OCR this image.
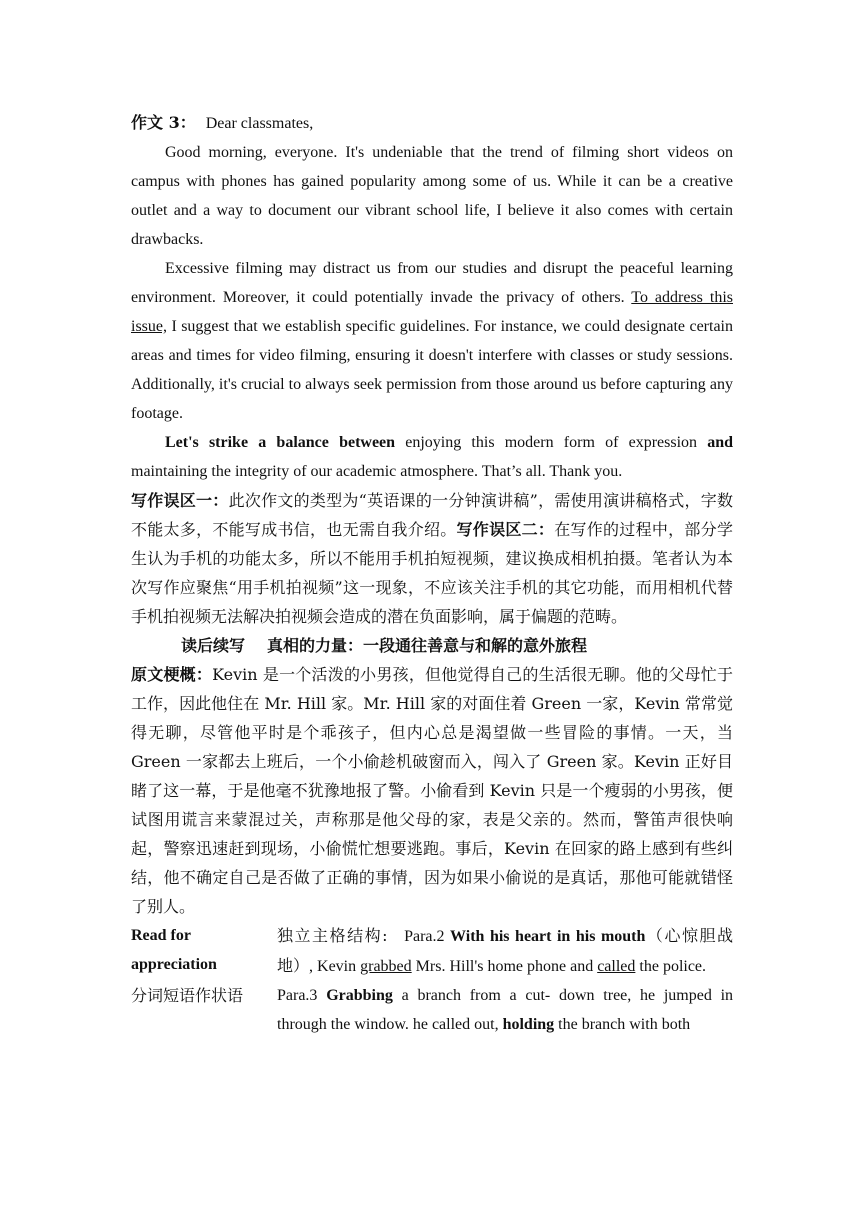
作文 3： Dear classmates,

Good morning, everyone. It's undeniable that the trend of filming short videos on campus with phones has gained popularity among some of us. While it can be a creative outlet and a way to document our vibrant school life, I believe it also comes with certain drawbacks.

Excessive filming may distract us from our studies and disrupt the peaceful learning environment. Moreover, it could potentially invade the privacy of others. To address this issue, I suggest that we establish specific guidelines. For instance, we could designate certain areas and times for video filming, ensuring it doesn't interfere with classes or study sessions. Additionally, it's crucial to always seek permission from those around us before capturing any footage.

Let's strike a balance between enjoying this modern form of expression and maintaining the integrity of our academic atmosphere. That’s all. Thank you.

写作误区一：此次作文的类型为“英语课的一分钟演讲稿”，需使用演讲稿格式，字数不能太多，不能写成书信，也无需自我介绍。写作误区二：在写作的过程中，部分学生认为手机的功能太多，所以不能用手机拍短视频，建议换成相机拍摄。笔者认为本次写作应聚焦“用手机拍视频”这一现象，不应该关注手机的其它功能，而用相机代替手机拍视频无法解决拍视频会造成的潜在负面影响，属于偏题的范畴。

读后续写 真相的力量：一段通往善意与和解的意外旅程

原文梗概：Kevin 是一个活泼的小男孩，但他觉得自己的生活很无聊。他的父母忙于工作，因此他住在 Mr. Hill 家。Mr. Hill 家的对面住着 Green 一家，Kevin 常常觉得无聊，尽管他平时是个乖孩子，但内心总是渴望做一些冒险的事情。一天，当 Green 一家都去上班后，一个小偷趁机破窗而入，闯入了 Green 家。Kevin 正好目睹了这一幕，于是他毫不犹豫地报了警。小偷看到 Kevin 只是一个瘦弱的小男孩，便试图用谎言来蒙混过关，声称那是他父母的家，表是父亲的。然而，警笛声很快响起，警察迅速赶到现场，小偷慌忙想要逃跑。事后，Kevin 在回家的路上感到有些纠结，他不确定自己是否做了正确的事情，因为如果小偷说的是真话，那他可能就错怪了别人。

Read for appreciation
独立主格结构: Para.2 With his heart in his mouth（心惊胆战地）, Kevin grabbed Mrs. Hill's home phone and called the police.
分词短语作状语	Para.3 Grabbing a branch from a cut- down tree, he jumped in through the window. he called out, holding the branch with both
